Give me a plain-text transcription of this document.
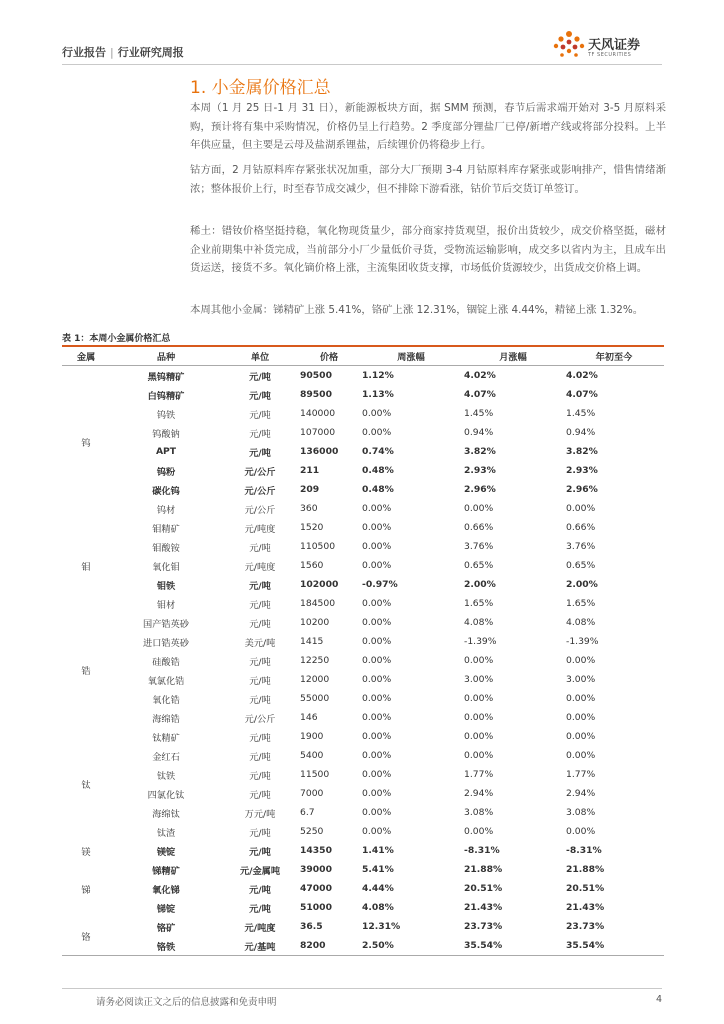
行业报告 | 行业研究周报	天风证券
TF SECURITIES
1. 小金属价格汇总
本周（1 月 25 日-1 月 31 日），新能源板块方面，据 SMM 预测，春节后需求端开始对 3-5 月原料采购，预计将有集中采购情况，价格仍呈上行趋势。2 季度部分锂盐厂已停/新增产线或将部分投料。上半年供应量，但主要是云母及盐湖系锂盐，后续锂价仍将稳步上行。
钴方面，2 月钴原料库存紧张状况加重，部分大厂预期 3-4 月钴原料库存紧张或影响排产，惜售情绪渐浓；整体报价上行，时至春节成交减少，但不排除下游看涨，钴价节后交货订单签订。
稀土：镨钕价格坚挺持稳，氧化物现货量少，部分商家持货观望，报价出货较少，成交价格坚挺，磁材企业前期集中补货完成，当前部分小厂少量低价寻货，受物流运输影响，成交多以省内为主，且成车出货运送，接货不多。氧化镝价格上涨，主流集团收货支撑，市场低价货源较少，出货成交价格上调。
本周其他小金属：锑精矿上涨 5.41%，铬矿上涨 12.31%，锢锭上涨 4.44%，精铋上涨 1.32%。
表 1：本周小金属价格汇总
金属	品种	单位	价格	周涨幅	月涨幅	年初至今
钨	黑钨精矿	元/吨	90500	1.12%	4.02%	4.02%
	白钨精矿	元/吨	89500	1.13%	4.07%	4.07%
	钨铁	元/吨	140000	0.00%	1.45%	1.45%
	钨酸钠	元/吨	107000	0.00%	0.94%	0.94%
	APT	元/吨	136000	0.74%	3.82%	3.82%
	钨粉	元/公斤	211	0.48%	2.93%	2.93%
	碳化钨	元/公斤	209	0.48%	2.96%	2.96%
	钨材	元/公斤	360	0.00%	0.00%	0.00%
钼	钼精矿	元/吨度	1520	0.00%	0.66%	0.66%
	钼酸铵	元/吨	110500	0.00%	3.76%	3.76%
	氧化钼	元/吨度	1560	0.00%	0.65%	0.65%
	钼铁	元/吨	102000	-0.97%	2.00%	2.00%
	钼材	元/吨	184500	0.00%	1.65%	1.65%
锆	国产锆英砂	元/吨	10200	0.00%	4.08%	4.08%
	进口锆英砂	美元/吨	1415	0.00%	-1.39%	-1.39%
	硅酸锆	元/吨	12250	0.00%	0.00%	0.00%
	氧氯化锆	元/吨	12000	0.00%	3.00%	3.00%
	氧化锆	元/吨	55000	0.00%	0.00%	0.00%
	海绵锆	元/公斤	146	0.00%	0.00%	0.00%
钛	钛精矿	元/吨	1900	0.00%	0.00%	0.00%
	金红石	元/吨	5400	0.00%	0.00%	0.00%
	钛铁	元/吨	11500	0.00%	1.77%	1.77%
	四氯化钛	元/吨	7000	0.00%	2.94%	2.94%
	海绵钛	万元/吨	6.7	0.00%	3.08%	3.08%
	钛渣	元/吨	5250	0.00%	0.00%	0.00%
镁	镁锭	元/吨	14350	1.41%	-8.31%	-8.31%
锑	锑精矿	元/金属吨	39000	5.41%	21.88%	21.88%
	氧化锑	元/吨	47000	4.44%	20.51%	20.51%
	锑锭	元/吨	51000	4.08%	21.43%	21.43%
铬	铬矿	元/吨度	36.5	12.31%	23.73%	23.73%
	铬铁	元/基吨	8200	2.50%	35.54%	35.54%
请务必阅读正文之后的信息披露和免责申明	4
